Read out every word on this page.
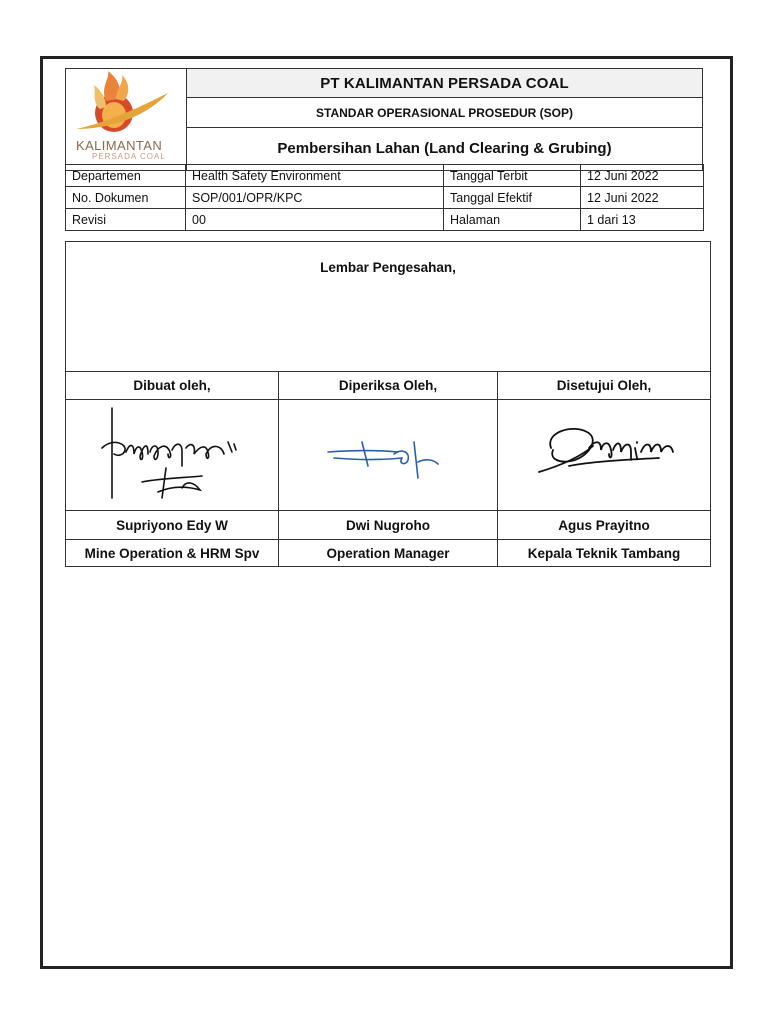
KALIMANTAN
PERSADA COAL
	PT KALIMANTAN PERSADA COAL
STANDAR OPERASIONAL PROSEDUR (SOP)
Pembersihan Lahan (Land Clearing & Grubing)
Departemen	Health Safety Environment	Tanggal Terbit	12 Juni 2022
No. Dokumen	SOP/001/OPR/KPC	Tanggal Efektif	12 Juni 2022
Revisi	00	Halaman	1 dari 13
Lembar Pengesahan,		
Dibuat oleh,	Diperiksa Oleh,	Disetujui Oleh,

Supriyono Edy W	Dwi Nugroho	Agus Prayitno
Mine Operation & HRM Spv	Operation Manager	Kepala Teknik Tambang
